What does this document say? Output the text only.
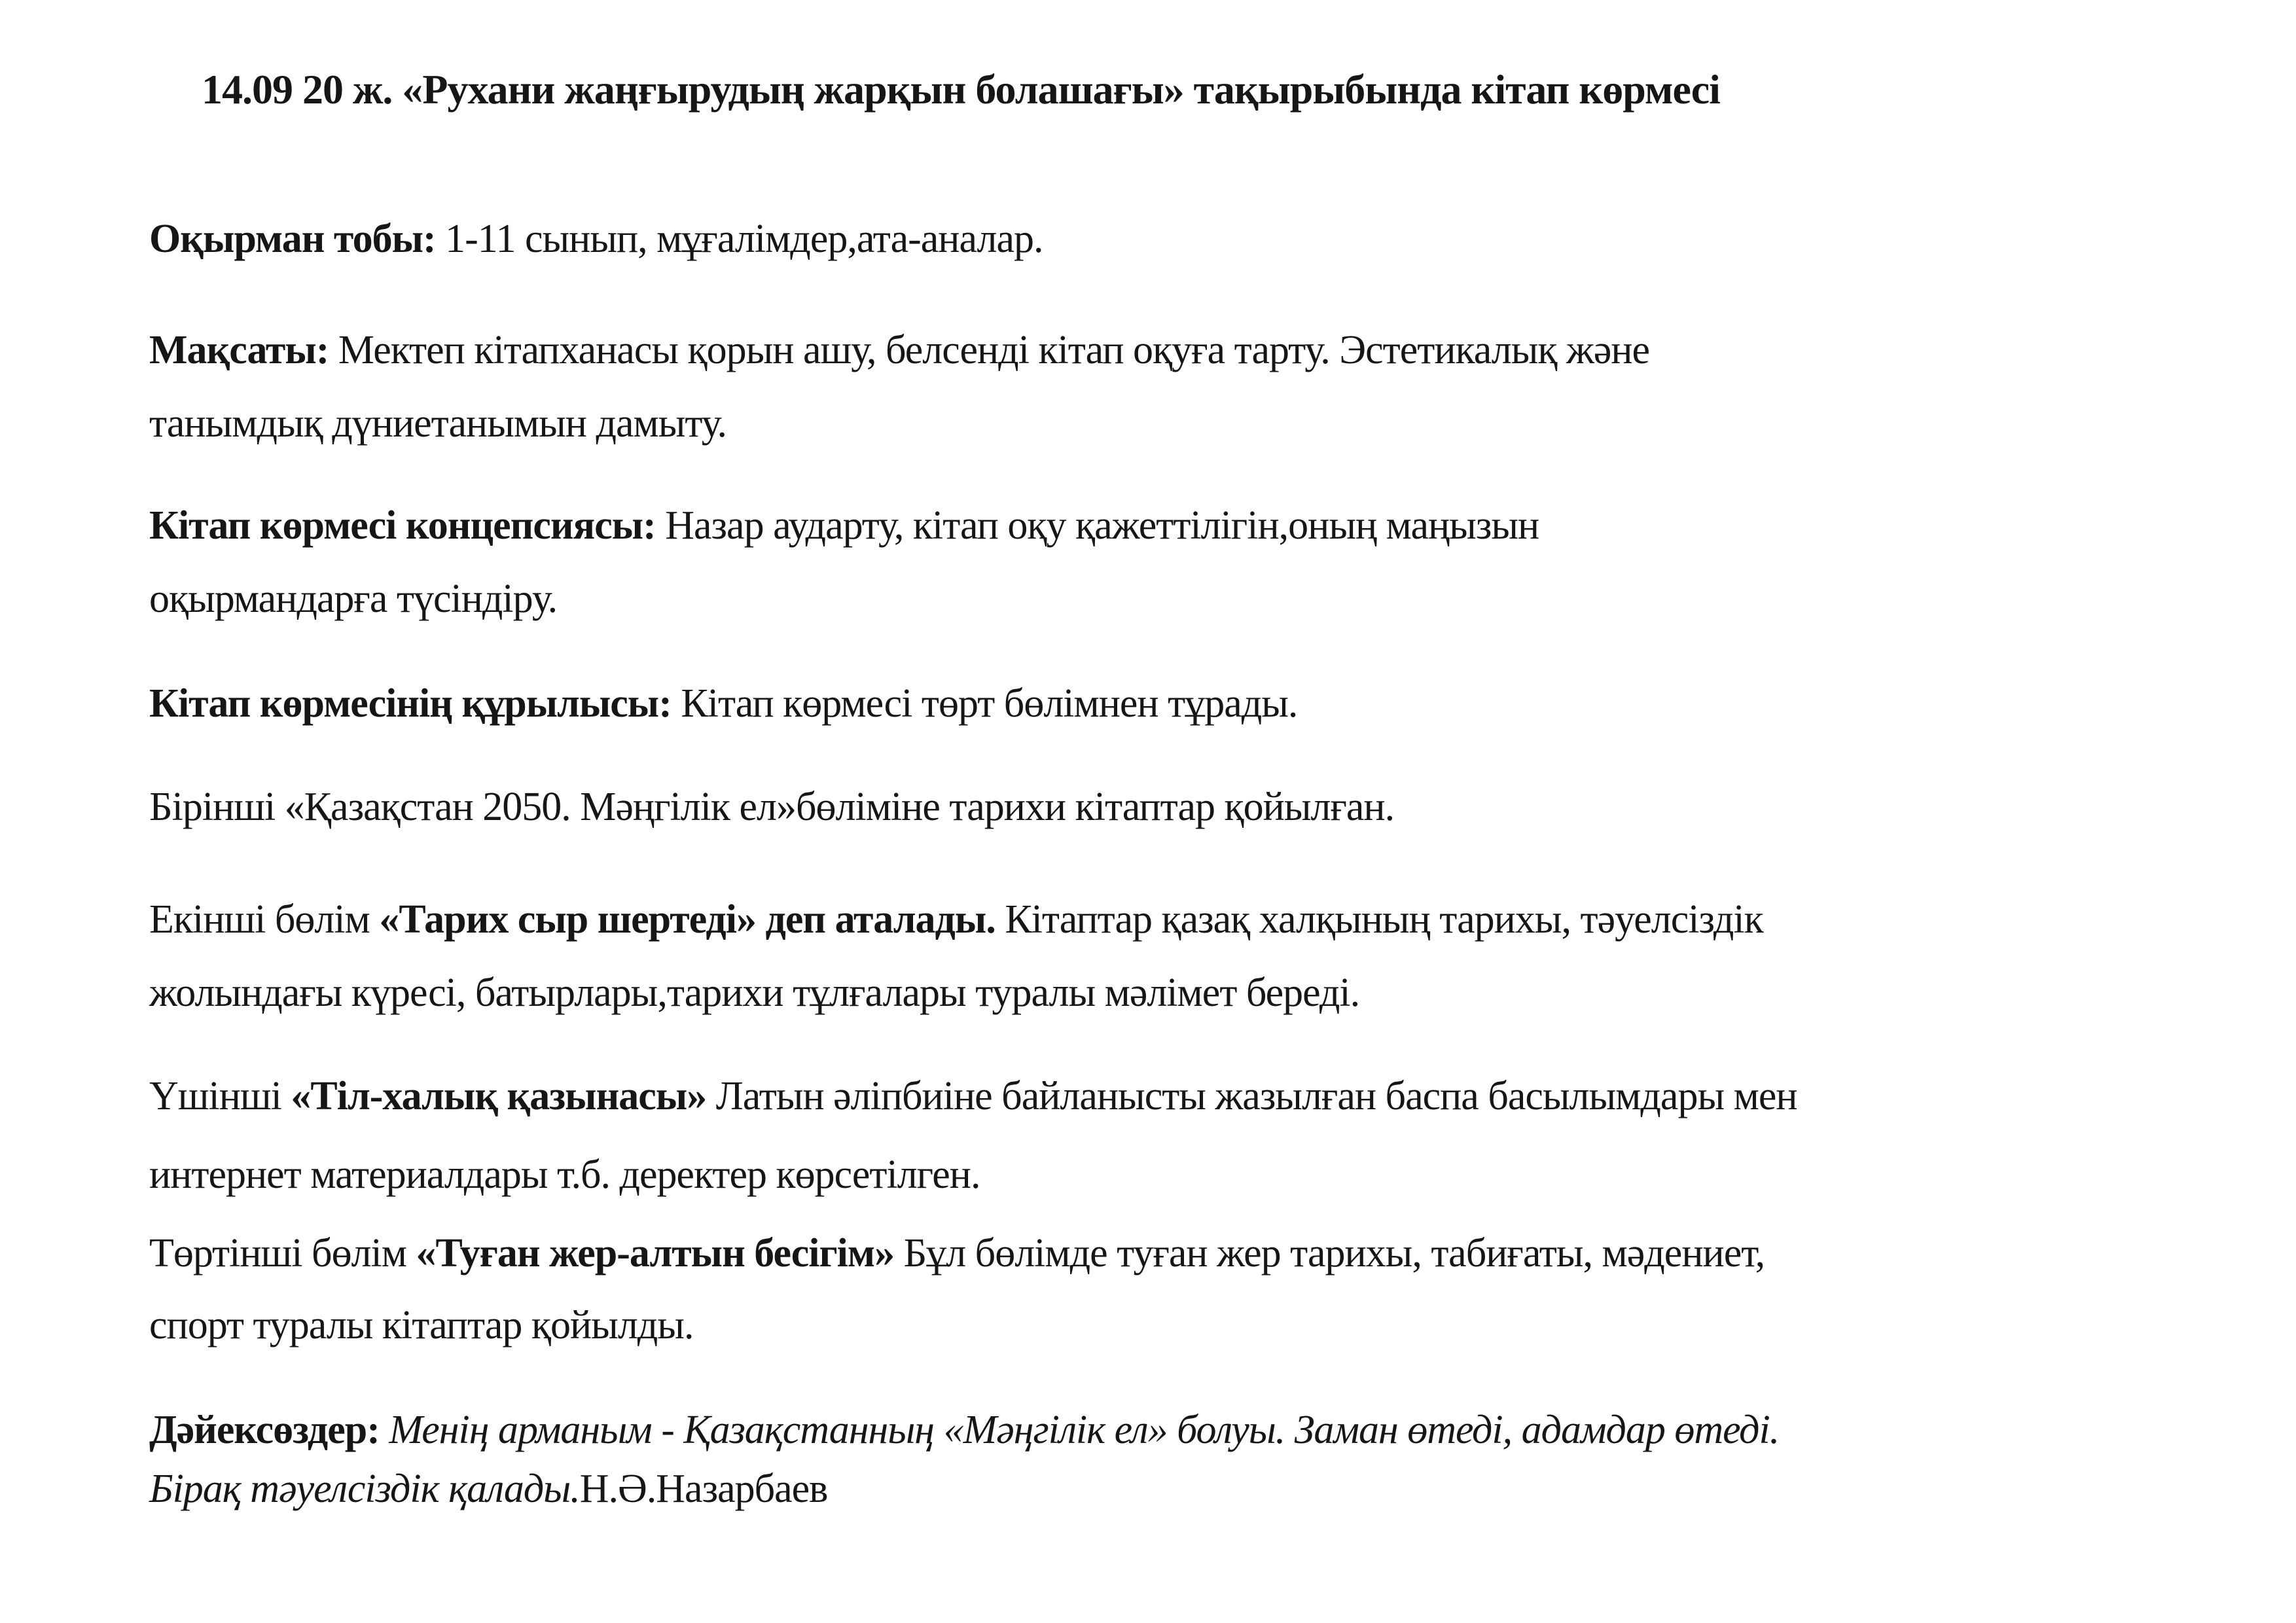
14.09 20 ж. «Рухани жаңғырудың жарқын болашағы» тақырыбында кітап көрмесі
Оқырман тобы: 1-11 сынып, мұғалімдер,ата-аналар.
Мақсаты: Мектеп кітапханасы қорын ашу, белсенді кітап оқуға тарту. Эстетикалық және
танымдық дүниетанымын дамыту.
Кітап көрмесі концепсиясы: Назар аударту, кітап оқу қажеттілігін,оның маңызын
оқырмандарға түсіндіру.
Кітап көрмесінің құрылысы: Кітап көрмесі төрт бөлімнен тұрады.
Бірінші «Қазақстан 2050. Мәңгілік ел»бөліміне тарихи кітаптар қойылған.
Екінші бөлім «Тарих сыр шертеді» деп аталады. Кітаптар қазақ халқының тарихы, тәуелсіздік
жолындағы күресі, батырлары,тарихи тұлғалары туралы мәлімет береді.
Үшінші «Тіл-халық қазынасы» Латын әліпбиіне байланысты жазылған баспа басылымдары мен
интернет материалдары т.б. деректер көрсетілген.
Төртінші бөлім «Туған жер-алтын бесігім» Бұл бөлімде туған жер тарихы, табиғаты, мәдениет,
спорт туралы кітаптар қойылды.
Дәйексөздер: Менің арманым - Қазақстанның «Мәңгілік ел» болуы. Заман өтеді, адамдар өтеді.
Бірақ тәуелсіздік қалады.Н.Ә.Назарбаев
